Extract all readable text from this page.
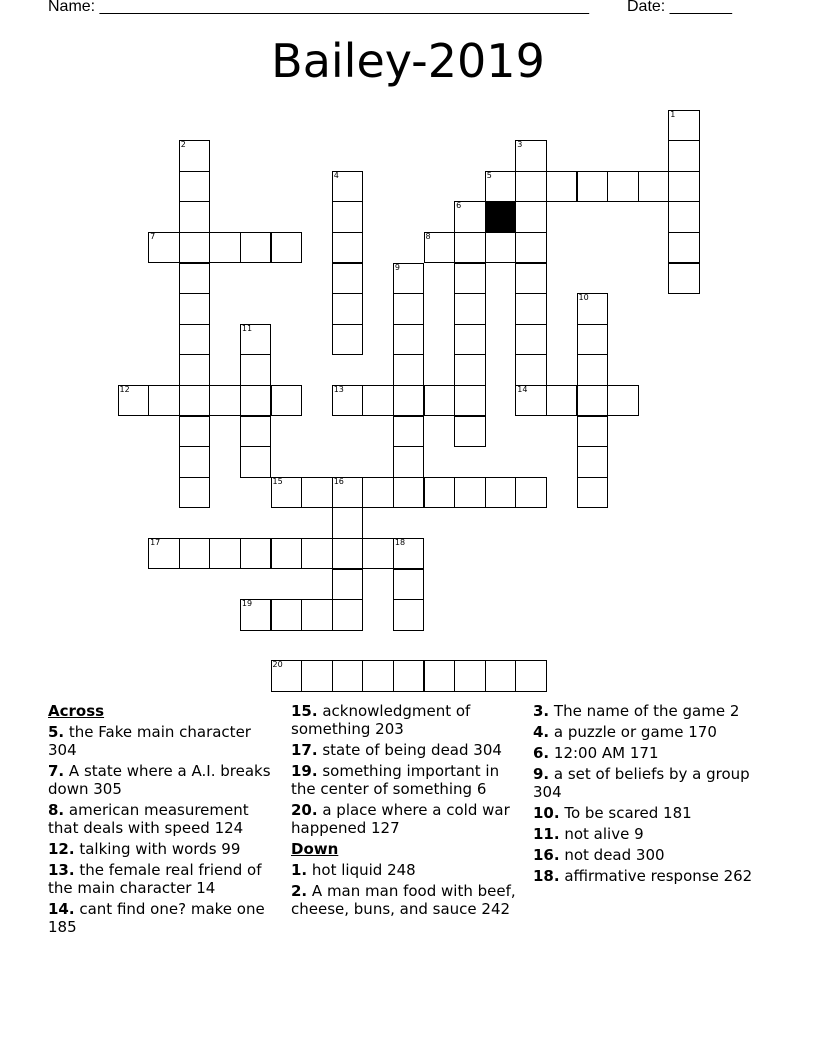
Name: _______________________________________________________ Date: _______
Bailey-2019
1
2	3
4	5
6
7	8
9
10
11
12	13	14
15	16
17	18
19
20
Across
5. the Fake main character 304
7. A state where a A.I. breaks down 305
8. american measurement that deals with speed 124
12. talking with words 99
13. the female real friend of the main character 14
14. cant find one? make one 185
15. acknowledgment of something 203
17. state of being dead 304
19. something important in the center of something 6
20. a place where a cold war happened 127
Down
1. hot liquid 248
2. A man man food with beef, cheese, buns, and sauce 242
3. The name of the game 2
4. a puzzle or game 170
6. 12:00 AM 171
9. a set of beliefs by a group 304
10. To be scared 181
11. not alive 9
16. not dead 300
18. affirmative response 262
